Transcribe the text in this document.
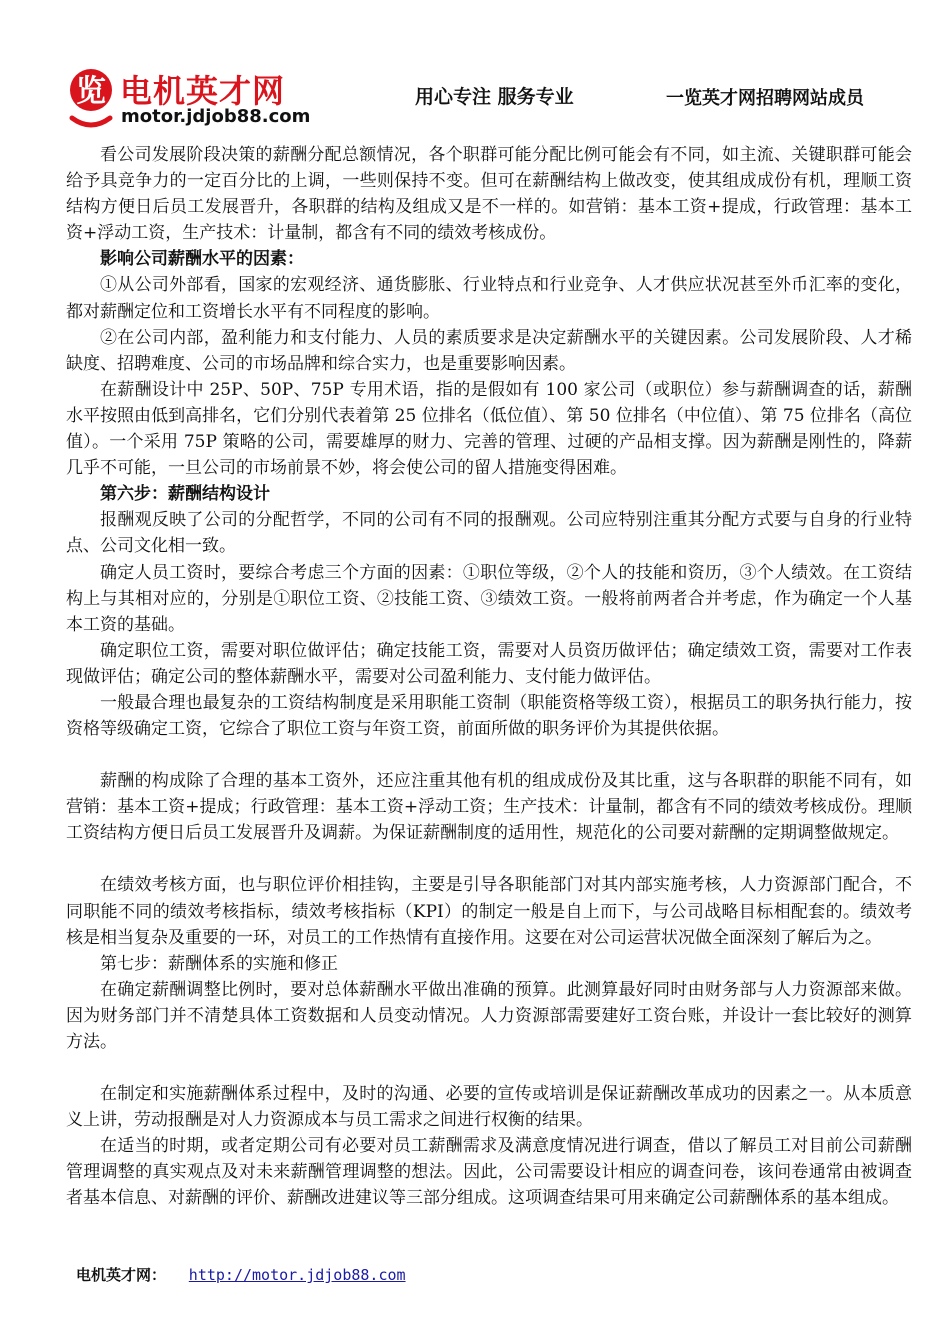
览 电机英才网
motor.jdjob88.com
用心专注 服务专业	一览英才网招聘网站成员

看公司发展阶段决策的薪酬分配总额情况，各个职群可能分配比例可能会有不同，如主流、关键职群可能会给予具竞争力的一定百分比的上调，一些则保持不变。但可在薪酬结构上做改变，使其组成成份有机，理顺工资结构方便日后员工发展晋升，各职群的结构及组成又是不一样的。如营销：基本工资+提成，行政管理：基本工资+浮动工资，生产技术：计量制，都含有不同的绩效考核成份。

影响公司薪酬水平的因素：

①从公司外部看，国家的宏观经济、通货膨胀、行业特点和行业竞争、人才供应状况甚至外币汇率的变化，都对薪酬定位和工资增长水平有不同程度的影响。

②在公司内部，盈利能力和支付能力、人员的素质要求是决定薪酬水平的关键因素。公司发展阶段、人才稀缺度、招聘难度、公司的市场品牌和综合实力，也是重要影响因素。

在薪酬设计中 25P、50P、75P 专用术语，指的是假如有 100 家公司（或职位）参与薪酬调查的话，薪酬水平按照由低到高排名，它们分别代表着第 25 位排名（低位值）、第 50 位排名（中位值）、第 75 位排名（高位值）。一个采用 75P 策略的公司，需要雄厚的财力、完善的管理、过硬的产品相支撑。因为薪酬是刚性的，降薪几乎不可能，一旦公司的市场前景不妙，将会使公司的留人措施变得困难。

第六步：薪酬结构设计

报酬观反映了公司的分配哲学，不同的公司有不同的报酬观。公司应特别注重其分配方式要与自身的行业特点、公司文化相一致。

确定人员工资时，要综合考虑三个方面的因素：①职位等级，②个人的技能和资历，③个人绩效。在工资结构上与其相对应的，分别是①职位工资、②技能工资、③绩效工资。一般将前两者合并考虑，作为确定一个人基本工资的基础。

确定职位工资，需要对职位做评估；确定技能工资，需要对人员资历做评估；确定绩效工资，需要对工作表现做评估；确定公司的整体薪酬水平，需要对公司盈利能力、支付能力做评估。

一般最合理也最复杂的工资结构制度是采用职能工资制（职能资格等级工资），根据员工的职务执行能力，按资格等级确定工资，它综合了职位工资与年资工资，前面所做的职务评价为其提供依据。

薪酬的构成除了合理的基本工资外，还应注重其他有机的组成成份及其比重，这与各职群的职能不同有，如营销：基本工资+提成；行政管理：基本工资+浮动工资；生产技术：计量制，都含有不同的绩效考核成份。理顺工资结构方便日后员工发展晋升及调薪。为保证薪酬制度的适用性，规范化的公司要对薪酬的定期调整做规定。

在绩效考核方面，也与职位评价相挂钩，主要是引导各职能部门对其内部实施考核，人力资源部门配合，不同职能不同的绩效考核指标，绩效考核指标（KPI）的制定一般是自上而下，与公司战略目标相配套的。绩效考核是相当复杂及重要的一环，对员工的工作热情有直接作用。这要在对公司运营状况做全面深刻了解后为之。

第七步：薪酬体系的实施和修正

在确定薪酬调整比例时，要对总体薪酬水平做出准确的预算。此测算最好同时由财务部与人力资源部来做。因为财务部门并不清楚具体工资数据和人员变动情况。人力资源部需要建好工资台账，并设计一套比较好的测算方法。

在制定和实施薪酬体系过程中，及时的沟通、必要的宣传或培训是保证薪酬改革成功的因素之一。从本质意义上讲，劳动报酬是对人力资源成本与员工需求之间进行权衡的结果。

在适当的时期，或者定期公司有必要对员工薪酬需求及满意度情况进行调查，借以了解员工对目前公司薪酬管理调整的真实观点及对未来薪酬管理调整的想法。因此，公司需要设计相应的调查问卷，该问卷通常由被调查者基本信息、对薪酬的评价、薪酬改进建议等三部分组成。这项调查结果可用来确定公司薪酬体系的基本组成。

电机英才网： http://motor.jdjob88.com
